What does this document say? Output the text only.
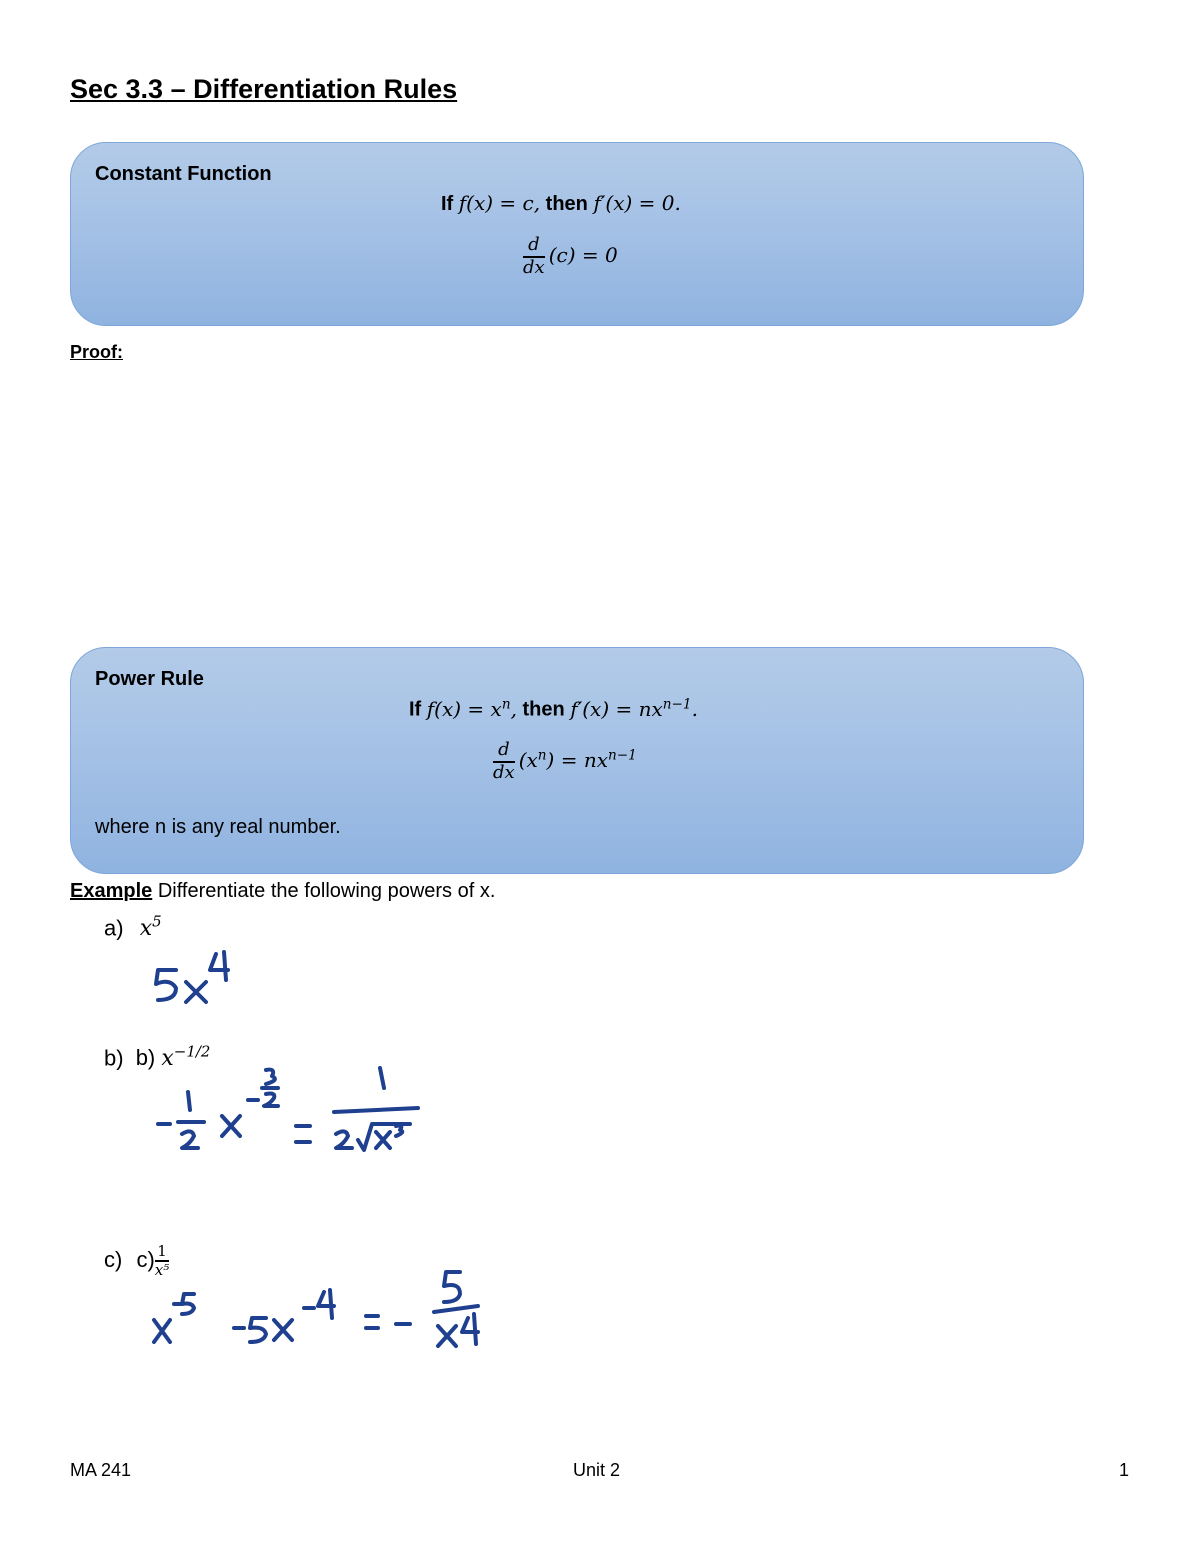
Sec 3.3 – Differentiation Rules
Constant Function
If f(x) = c, then f′(x) = 0.
$\frac{d}{dx} (c) = 0$
Proof:
Power Rule
If $f(x) = x^n$, then $f'(x) = nx^{n-1}$.
$\frac{d}{dx} (x^n) = nx^{n-1}$
where n is any real number.
Example Differentiate the following powers of x.
a) $x^5$
b) b) $x^{-1/2}$
c) $c) \frac{1}{\text{x⁵}}$
MA 241	Unit 2	1
